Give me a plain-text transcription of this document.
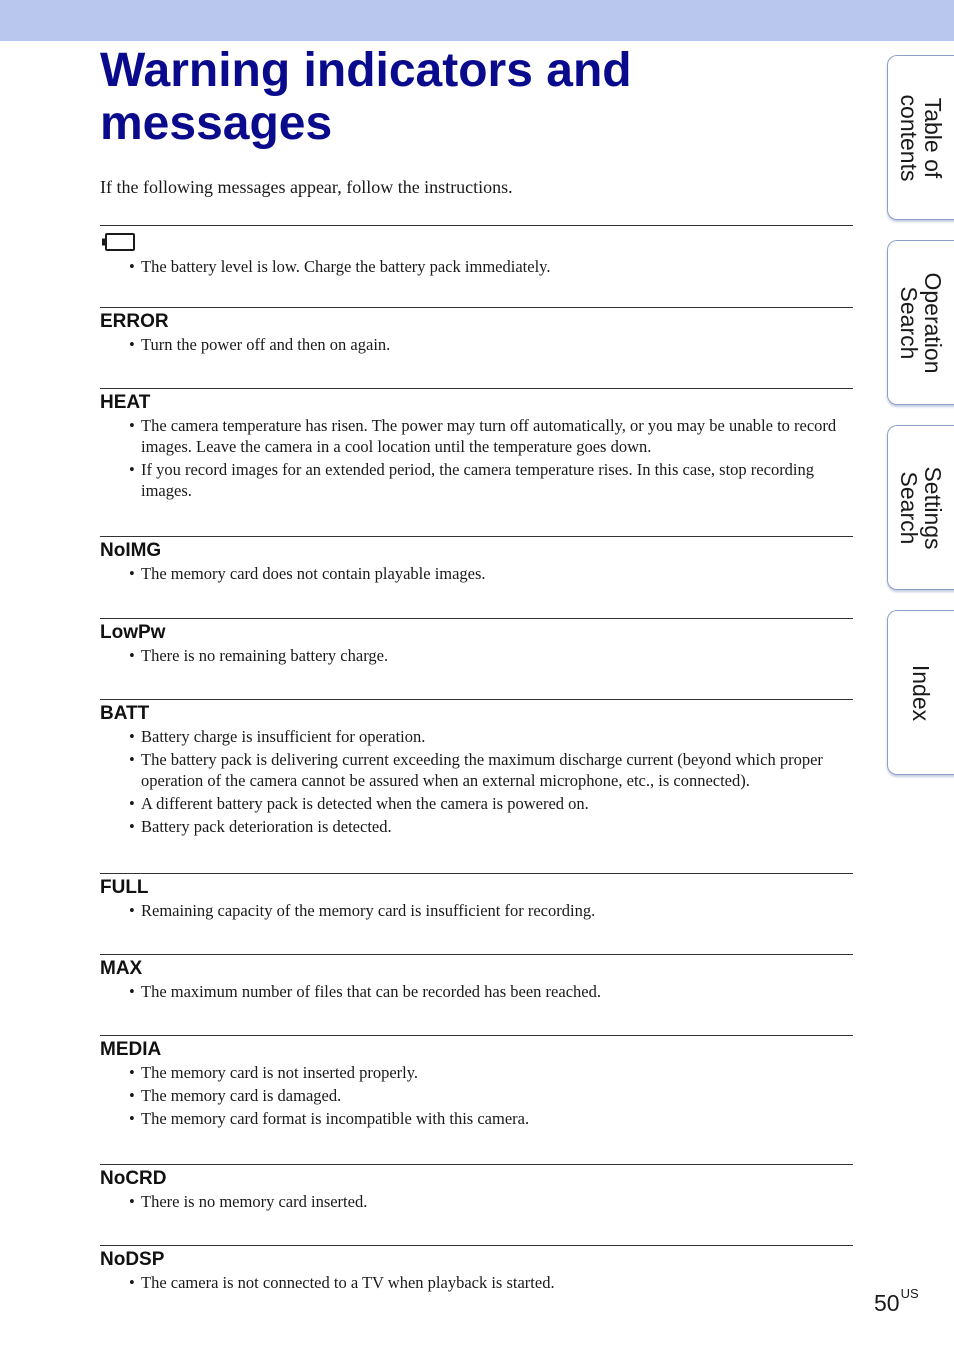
Warning indicators and messages

If the following messages appear, follow the instructions.

• The battery level is low. Charge the battery pack immediately.
ERROR
• Turn the power off and then on again.
HEAT
• The camera temperature has risen. The power may turn off automatically, or you may be unable to record images. Leave the camera in a cool location until the temperature goes down.
• If you record images for an extended period, the camera temperature rises. In this case, stop recording images.
NoIMG
• The memory card does not contain playable images.
LowPw
• There is no remaining battery charge.
BATT
• Battery charge is insufficient for operation.
• The battery pack is delivering current exceeding the maximum discharge current (beyond which proper operation of the camera cannot be assured when an external microphone, etc., is connected).
• A different battery pack is detected when the camera is powered on.
• Battery pack deterioration is detected.
FULL
• Remaining capacity of the memory card is insufficient for recording.
MAX
• The maximum number of files that can be recorded has been reached.
MEDIA
• The memory card is not inserted properly.
• The memory card is damaged.
• The memory card format is incompatible with this camera.
NoCRD
• There is no memory card inserted.
NoDSP
• The camera is not connected to a TV when playback is started.
Table of
contents
Operation
Search
Settings
Search
Index
$50^{US}$
